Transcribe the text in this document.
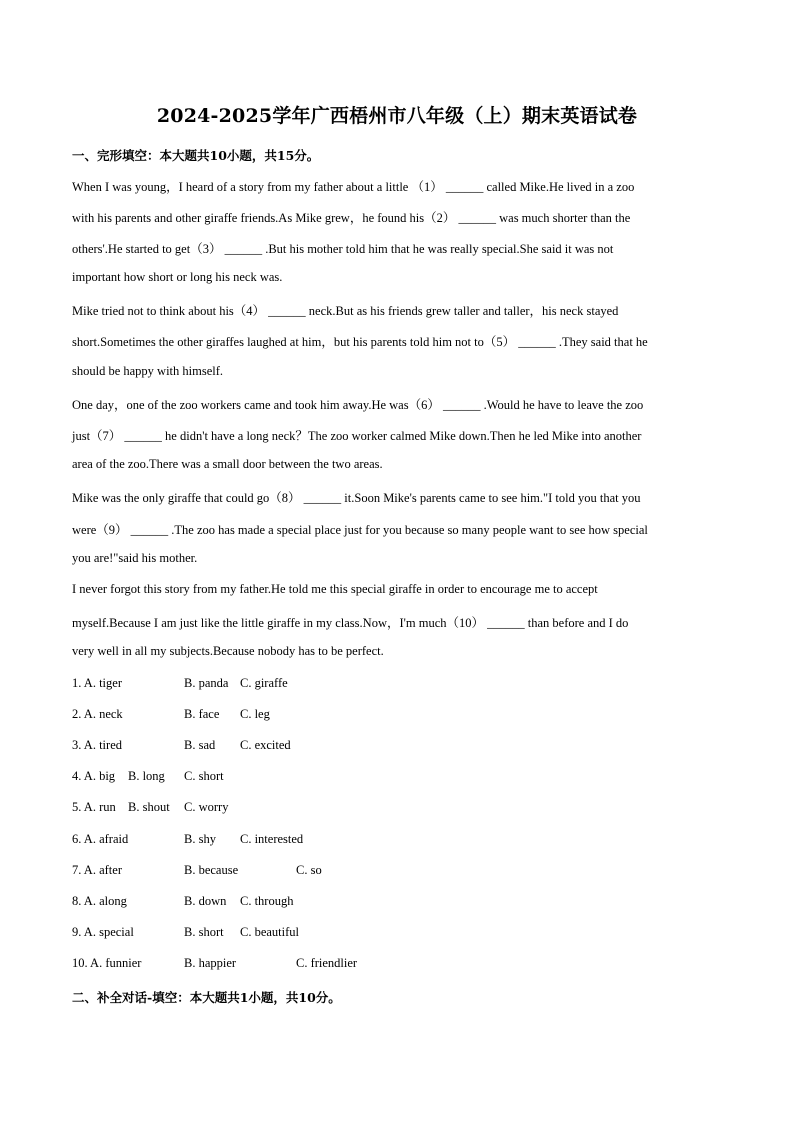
2024-2025学年广西梧州市八年级（上）期末英语试卷
一、完形填空：本大题共10小题，共15分。
When I was young，I heard of a story from my father about a little （1） ______ called Mike.He lived in a zoo
with his parents and other giraffe friends.As Mike grew，he found his（2） ______ was much shorter than the
others'.He started to get（3） ______ .But his mother told him that he was really special.She said it was not
important how short or long his neck was.
Mike tried not to think about his（4） ______ neck.But as his friends grew taller and taller，his neck stayed
short.Sometimes the other giraffes laughed at him，but his parents told him not to（5） ______ .They said that he
should be happy with himself.
One day，one of the zoo workers came and took him away.He was（6） ______ .Would he have to leave the zoo
just（7） ______ he didn't have a long neck？The zoo worker calmed Mike down.Then he led Mike into another
area of the zoo.There was a small door between the two areas.
Mike was the only giraffe that could go（8） ______ it.Soon Mike's parents came to see him."I told you that you
were（9） ______ .The zoo has made a special place just for you because so many people want to see how special
you are!"said his mother.
I never forgot this story from my father.He told me this special giraffe in order to encourage me to accept
myself.Because I am just like the little giraffe in my class.Now，I'm much（10） ______ than before and I do
very well in all my subjects.Because nobody has to be perfect.
1. A. tiger	B. panda C. giraffe
2. A. neck	B. face C. leg
3. A. tired	B. sad C. excited
4. A. big B. long C. short
5. A. run B. shout C. worry
6. A. afraid	B. shy C. interested
7. A. after	B. because	C. so
8. A. along	B. down C. through
9. A. special	B. short C. beautiful
10. A. funnier	B. happier	C. friendlier
二、补全对话-填空：本大题共1小题，共10分。
